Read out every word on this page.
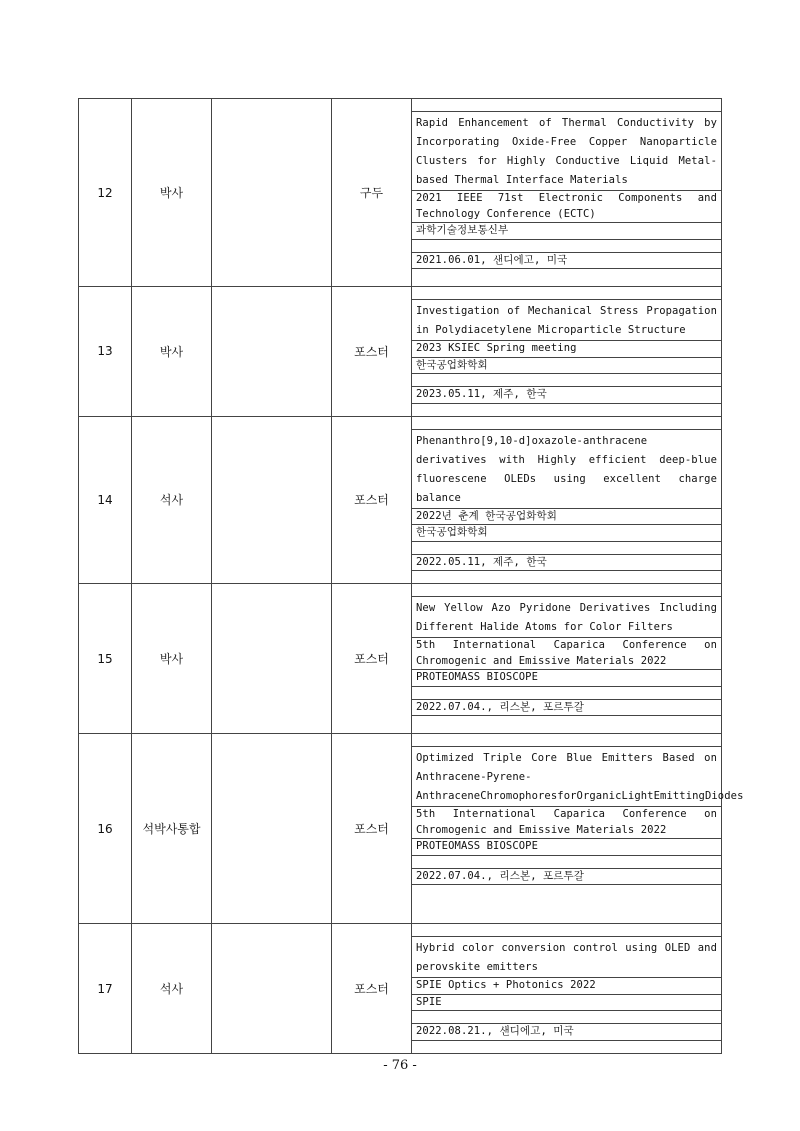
12	박사		구두	Rapid Enhancement of Thermal Conductivity by Incorporating Oxide-Free Copper Nanoparticle Clusters for Highly Conductive Liquid Metal-based Thermal Interface Materials
2021 IEEE 71st Electronic Components and Technology Conference (ECTC)
과학기술정보통신부
2021.06.01, 샌디에고, 미국

13	박사		포스터	Investigation of Mechanical Stress Propagation in Polydiacetylene Microparticle Structure
2023 KSIEC Spring meeting
한국공업화학회
2023.05.11, 제주, 한국

14	석사		포스터	Phenanthro[9,10-d]oxazole-anthracene derivatives with Highly efficient deep-blue fluorescene OLEDs using excellent charge balance
2022년 춘계 한국공업화학회
한국공업화학회
2022.05.11, 제주, 한국

15	박사		포스터	New Yellow Azo Pyridone Derivatives Including Different Halide Atoms for Color Filters
5th International Caparica Conference on Chromogenic and Emissive Materials 2022
PROTEOMASS BIOSCOPE
2022.07.04., 리스본, 포르투갈

16	석박사통합		포스터	Optimized Triple Core Blue Emitters Based on Anthracene-Pyrene-AnthraceneChromophoresforOrganicLightEmittingDiodes
5th International Caparica Conference on Chromogenic and Emissive Materials 2022
PROTEOMASS BIOSCOPE
2022.07.04., 리스본, 포르투갈

17	석사		포스터	Hybrid color conversion control using OLED and perovskite emitters
SPIE Optics + Photonics 2022
SPIE
2022.08.21., 샌디에고, 미국
- 76 -
